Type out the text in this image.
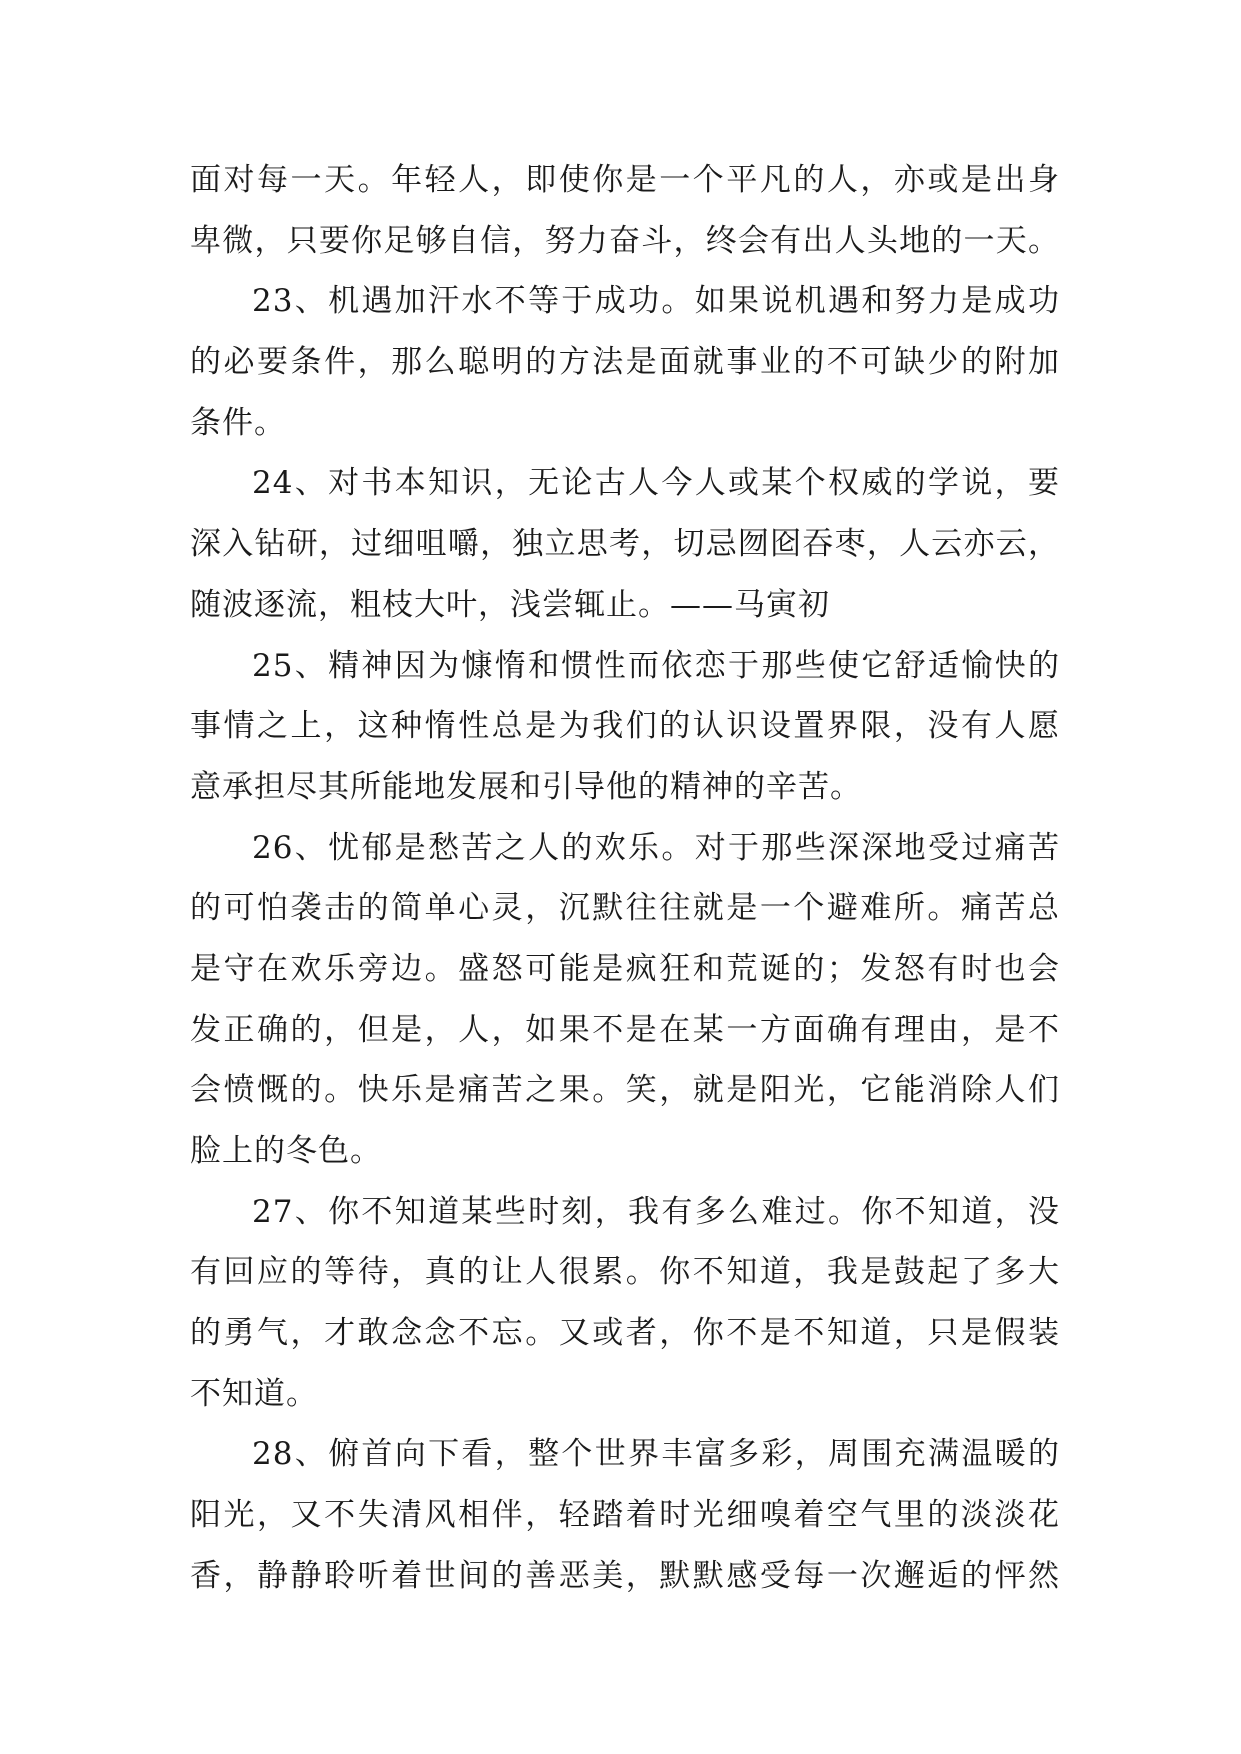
面对每一天。年轻人，即使你是一个平凡的人，亦或是出身
卑微，只要你足够自信，努力奋斗，终会有出人头地的一天。
23、机遇加汗水不等于成功。如果说机遇和努力是成功
的必要条件，那么聪明的方法是面就事业的不可缺少的附加
条件。
24、对书本知识，无论古人今人或某个权威的学说，要
深入钻研，过细咀嚼，独立思考，切忌囫囵吞枣，人云亦云，
随波逐流，粗枝大叶，浅尝辄止。——马寅初
25、精神因为慷惰和惯性而依恋于那些使它舒适愉快的
事情之上，这种惰性总是为我们的认识设置界限，没有人愿
意承担尽其所能地发展和引导他的精神的辛苦。
26、忧郁是愁苦之人的欢乐。对于那些深深地受过痛苦
的可怕袭击的简单心灵，沉默往往就是一个避难所。痛苦总
是守在欢乐旁边。盛怒可能是疯狂和荒诞的；发怒有时也会
发正确的，但是，人，如果不是在某一方面确有理由，是不
会愤慨的。快乐是痛苦之果。笑，就是阳光，它能消除人们
脸上的冬色。
27、你不知道某些时刻，我有多么难过。你不知道，没
有回应的等待，真的让人很累。你不知道，我是鼓起了多大
的勇气，才敢念念不忘。又或者，你不是不知道，只是假装
不知道。
28、俯首向下看，整个世界丰富多彩，周围充满温暖的
阳光，又不失清风相伴，轻踏着时光细嗅着空气里的淡淡花
香，静静聆听着世间的善恶美，默默感受每一次邂逅的怦然
